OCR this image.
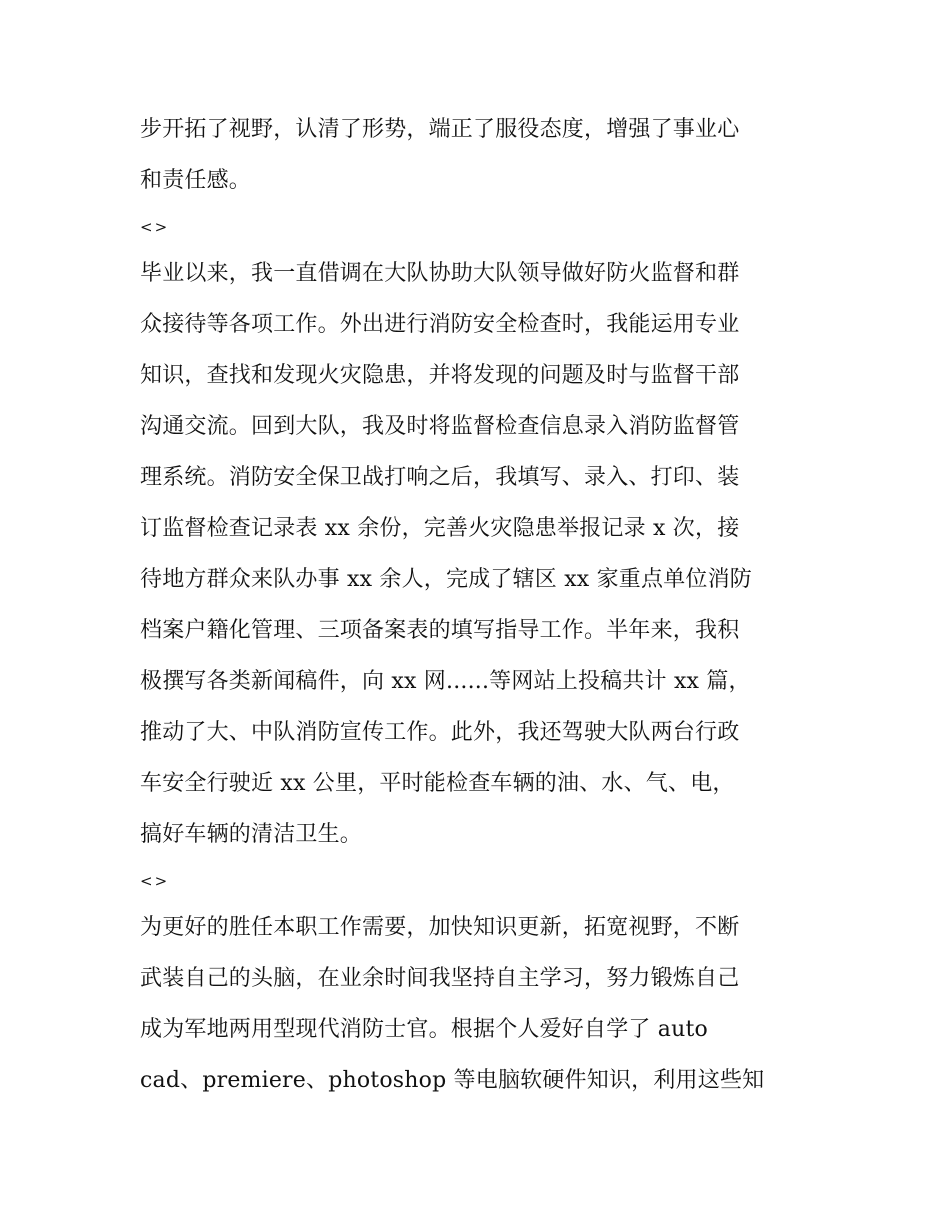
步开拓了视野，认清了形势，端正了服役态度，增强了事业心
和责任感。
<>
毕业以来，我一直借调在大队协助大队领导做好防火监督和群
众接待等各项工作。外出进行消防安全检查时，我能运用专业
知识，查找和发现火灾隐患，并将发现的问题及时与监督干部
沟通交流。回到大队，我及时将监督检查信息录入消防监督管
理系统。消防安全保卫战打响之后，我填写、录入、打印、装
订监督检查记录表 xx 余份，完善火灾隐患举报记录 x 次，接
待地方群众来队办事 xx 余人，完成了辖区 xx 家重点单位消防
档案户籍化管理、三项备案表的填写指导工作。半年来，我积
极撰写各类新闻稿件，向 xx 网......等网站上投稿共计 xx 篇，
推动了大、中队消防宣传工作。此外，我还驾驶大队两台行政
车安全行驶近 xx 公里，平时能检查车辆的油、水、气、电，
搞好车辆的清洁卫生。
<>
为更好的胜任本职工作需要，加快知识更新，拓宽视野，不断
武装自己的头脑，在业余时间我坚持自主学习，努力锻炼自己
成为军地两用型现代消防士官。根据个人爱好自学了 auto
cad、premiere、photoshop 等电脑软硬件知识，利用这些知
